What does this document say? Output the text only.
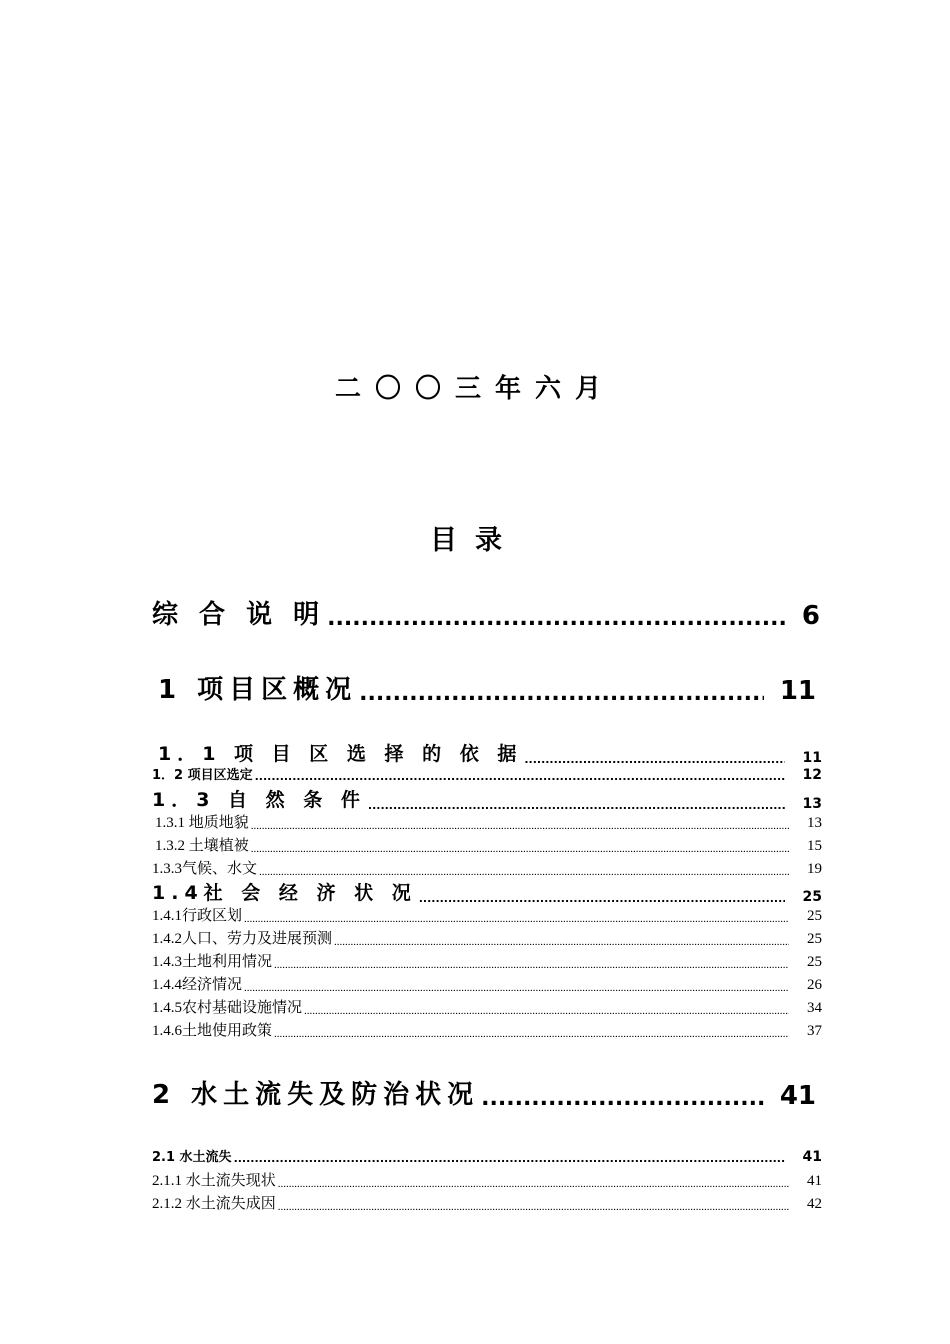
二〇〇三年六月
目录
综 合 说 明 .....	6
1 项目区概况 .....	11
1．1 项 目 区 选 择 的 依 据 .....	11
1．2 项目区选定 .....	12
1．3 自 然 条 件 .....	13
1.3.1 地质地貌 .....	13
1.3.2 土壤植被 .....	15
1.3.3气候、水文 .....	19
1.4社 会 经 济 状 况 .....	25
1.4.1行政区划 .....	25
1.4.2人口、劳力及进展预测 .....	25
1.4.3土地利用情况 .....	25
1.4.4经济情况 .....	26
1.4.5农村基础设施情况 .....	34
1.4.6土地使用政策 .....	37
2 水土流失及防治状况 .....	41
2.1 水土流失 .....	41
2.1.1 水土流失现状 .....	41
2.1.2 水土流失成因 .....	42
